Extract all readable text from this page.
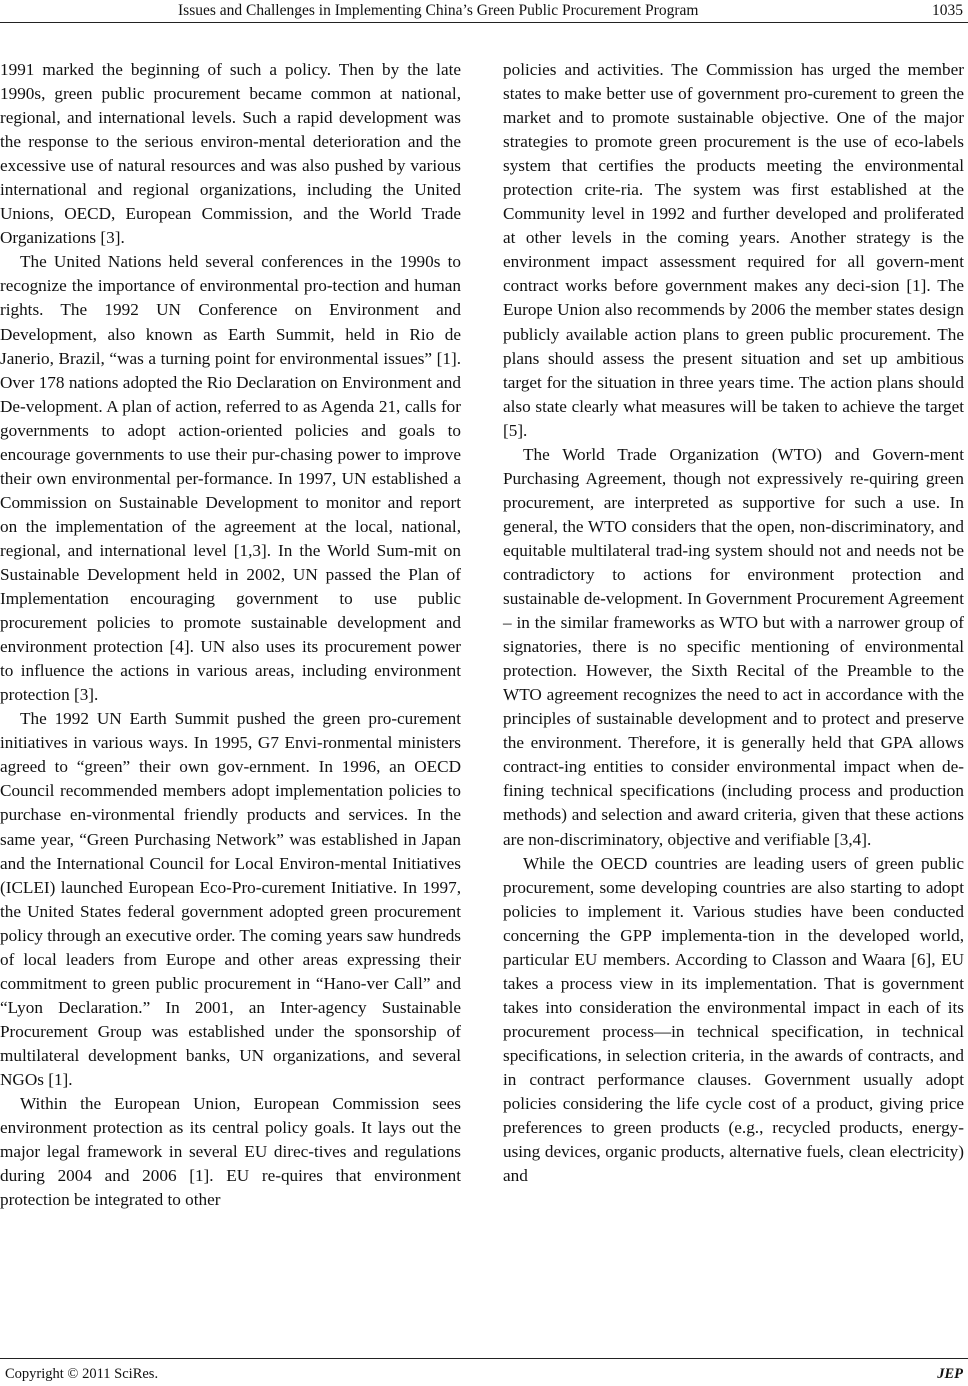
Issues and Challenges in Implementing China’s Green Public Procurement Program	1035

1991 marked the beginning of such a policy. Then by the late 1990s, green public procurement became common at national, regional, and international levels. Such a rapid development was the response to the serious environ-mental deterioration and the excessive use of natural resources and was also pushed by various international and regional organizations, including the United Unions, OECD, European Commission, and the World Trade Organizations [3].

The United Nations held several conferences in the 1990s to recognize the importance of environmental pro-tection and human rights. The 1992 UN Conference on Environment and Development, also known as Earth Summit, held in Rio de Janerio, Brazil, “was a turning point for environmental issues” [1]. Over 178 nations adopted the Rio Declaration on Environment and De-velopment. A plan of action, referred to as Agenda 21, calls for governments to adopt action-oriented policies and goals to encourage governments to use their pur-chasing power to improve their own environmental per-formance. In 1997, UN established a Commission on Sustainable Development to monitor and report on the implementation of the agreement at the local, national, regional, and international level [1,3]. In the World Sum-mit on Sustainable Development held in 2002, UN passed the Plan of Implementation encouraging government to use public procurement policies to promote sustainable development and environment protection [4]. UN also uses its procurement power to influence the actions in various areas, including environment protection [3].

The 1992 UN Earth Summit pushed the green pro-curement initiatives in various ways. In 1995, G7 Envi-ronmental ministers agreed to “green” their own gov-ernment. In 1996, an OECD Council recommended members adopt implementation policies to purchase en-vironmental friendly products and services. In the same year, “Green Purchasing Network” was established in Japan and the International Council for Local Environ-mental Initiatives (ICLEI) launched European Eco-Pro-curement Initiative. In 1997, the United States federal government adopted green procurement policy through an executive order. The coming years saw hundreds of local leaders from Europe and other areas expressing their commitment to green public procurement in “Hano-ver Call” and “Lyon Declaration.” In 2001, an Inter-agency Sustainable Procurement Group was established under the sponsorship of multilateral development banks, UN organizations, and several NGOs [1].

Within the European Union, European Commission sees environment protection as its central policy goals. It lays out the major legal framework in several EU direc-tives and regulations during 2004 and 2006 [1]. EU re-quires that environment protection be integrated to other

policies and activities. The Commission has urged the member states to make better use of government pro-curement to green the market and to promote sustainable objective. One of the major strategies to promote green procurement is the use of eco-labels system that certifies the products meeting the environmental protection crite-ria. The system was first established at the Community level in 1992 and further developed and proliferated at other levels in the coming years. Another strategy is the environment impact assessment required for all govern-ment contract works before government makes any deci-sion [1]. The Europe Union also recommends by 2006 the member states design publicly available action plans to green public procurement. The plans should assess the present situation and set up ambitious target for the situation in three years time. The action plans should also state clearly what measures will be taken to achieve the target [5].

The World Trade Organization (WTO) and Govern-ment Purchasing Agreement, though not expressively re-quiring green procurement, are interpreted as supportive for such a use. In general, the WTO considers that the open, non-discriminatory, and equitable multilateral trad-ing system should not and needs not be contradictory to actions for environment protection and sustainable de-velopment. In Government Procurement Agreement – in the similar frameworks as WTO but with a narrower group of signatories, there is no specific mentioning of environmental protection. However, the Sixth Recital of the Preamble to the WTO agreement recognizes the need to act in accordance with the principles of sustainable development and to protect and preserve the environment. Therefore, it is generally held that GPA allows contract-ing entities to consider environmental impact when de-fining technical specifications (including process and production methods) and selection and award criteria, given that these actions are non-discriminatory, objective and verifiable [3,4].

While the OECD countries are leading users of green public procurement, some developing countries are also starting to adopt policies to implement it. Various studies have been conducted concerning the GPP implementa-tion in the developed world, particular EU members. According to Classon and Waara [6], EU takes a process view in its implementation. That is government takes into consideration the environmental impact in each of its procurement process—in technical specification, in technical specifications, in selection criteria, in the awards of contracts, and in contract performance clauses. Government usually adopt policies considering the life cycle cost of a product, giving price preferences to green products (e.g., recycled products, energy-using devices, organic products, alternative fuels, clean electricity) and

Copyright © 2011 SciRes.	JEP
